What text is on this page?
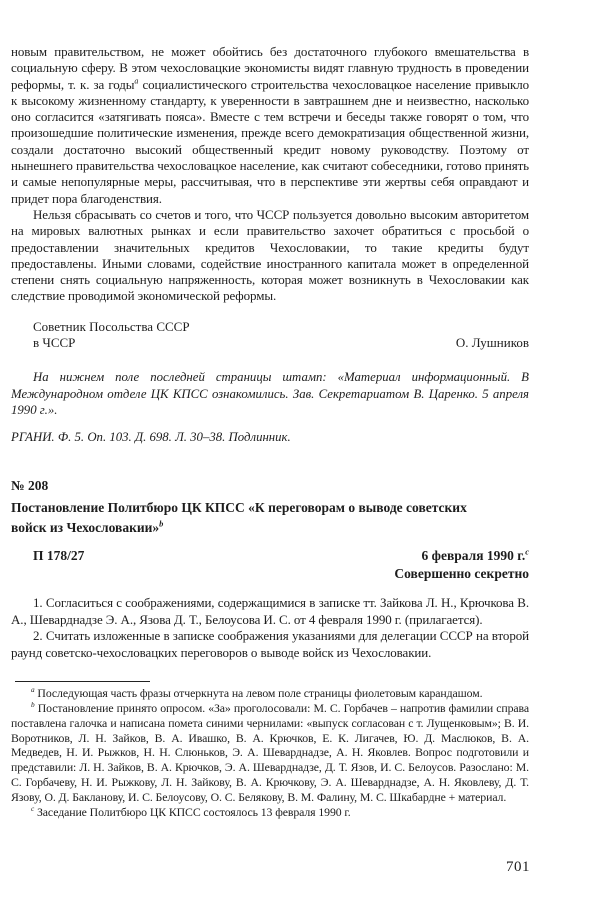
новым правительством, не может обойтись без достаточного глубокого вмешательства в социальную сферу. В этом чехословацкие экономисты видят главную трудность в проведении реформы, т. к. за годы$^a$ социалистического строительства чехословацкое население привыкло к высокому жизненному стандарту, к уверенности в завтрашнем дне и неизвестно, насколько оно согласится «затягивать пояса». Вместе с тем встречи и беседы также говорят о том, что произошедшие политические изменения, прежде всего демократизация общественной жизни, создали достаточно высокий общественный кредит новому руководству. Поэтому от нынешнего правительства чехословацкое население, как считают собеседники, готово принять и самые непопулярные меры, рассчитывая, что в перспективе эти жертвы себя оправдают и придет пора благоденствия.

Нельзя сбрасывать со счетов и того, что ЧССР пользуется довольно высоким авторитетом на мировых валютных рынках и если правительство захочет обратиться с просьбой о предоставлении значительных кредитов Чехословакии, то такие кредиты будут предоставлены. Иными словами, содействие иностранного капитала может в определенной степени снять социальную напряженность, которая может возникнуть в Чехословакии как следствие проводимой экономической реформы.

Советник Посольства СССР
в ЧССР	О. Лушников

На нижнем поле последней страницы штамп: «Материал информационный. В Международном отделе ЦК КПСС ознакомились. Зав. Секретариатом В. Царенко. 5 апреля 1990 г.».

РГАНИ. Ф. 5. Оп. 103. Д. 698. Л. 30–38. Подлинник.

№ 208
Постановление Политбюро ЦК КПСС «К переговорам о выводе советских войск из Чехословакии»$^b$
П 178/27	6 февраля 1990 г.$^c$
Совершенно секретно

1. Согласиться с соображениями, содержащимися в записке тт. Зайкова Л. Н., Крючкова В. А., Шеварднадзе Э. А., Язова Д. Т., Белоусова И. С. от 4 февраля 1990 г. (прилагается).

2. Считать изложенные в записке соображения указаниями для делегации СССР на второй раунд советско-чехословацких переговоров о выводе войск из Чехословакии.

$^a$ Последующая часть фразы отчеркнута на левом поле страницы фиолетовым карандашом.

$^b$ Постановление принято опросом. «За» проголосовали: М. С. Горбачев – напротив фамилии справа поставлена галочка и написана помета синими чернилами: «выпуск согласован с т. Лущенковым»; В. И. Воротников, Л. Н. Зайков, В. А. Ивашко, В. А. Крючков, Е. К. Лигачев, Ю. Д. Маслюков, В. А. Медведев, Н. И. Рыжков, Н. Н. Слюньков, Э. А. Шеварднадзе, А. Н. Яковлев. Вопрос подготовили и представили: Л. Н. Зайков, В. А. Крючков, Э. А. Шеварднадзе, Д. Т. Язов, И. С. Белоусов. Разослано: М. С. Горбачеву, Н. И. Рыжкову, Л. Н. Зайкову, В. А. Крючкову, Э. А. Шеварднадзе, А. Н. Яковлеву, Д. Т. Язову, О. Д. Бакланову, И. С. Белоусову, О. С. Белякову, В. М. Фалину, М. С. Шкабардне + материал.

$^c$ Заседание Политбюро ЦК КПСС состоялось 13 февраля 1990 г.

701
